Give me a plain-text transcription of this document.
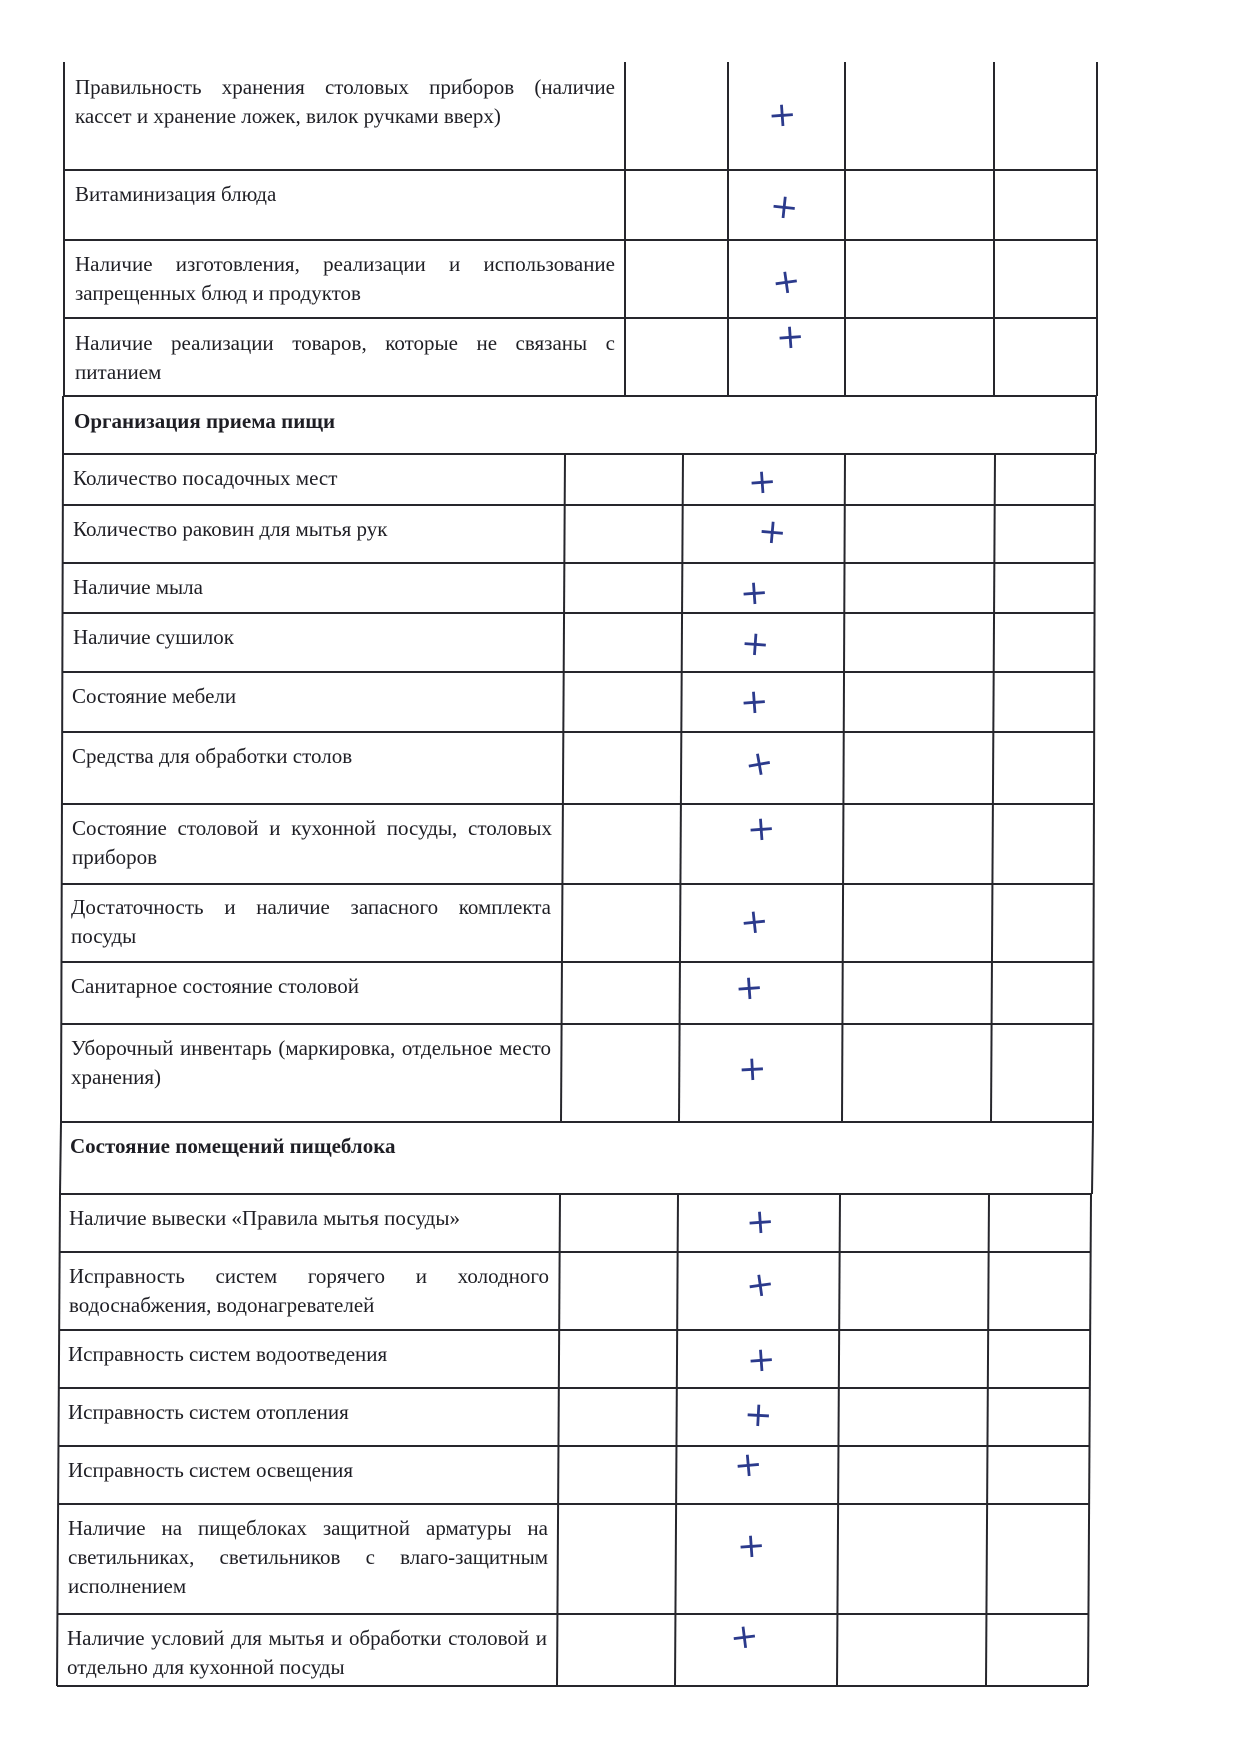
Правильность хранения столовых приборов (наличие кассет и хранение ложек, вилок ручками вверх)
Витаминизация блюда
Наличие изготовления, реализации и использование запрещенных блюд и продуктов
Наличие реализации товаров, которые не связаны с питанием
Организация приема пищи
Количество посадочных мест
Количество раковин для мытья рук
Наличие мыла
Наличие сушилок
Состояние мебели
Средства для обработки столов
Состояние столовой и кухонной посуды, столовых приборов
Достаточность и наличие запасного комплекта посуды
Санитарное состояние столовой
Уборочный инвентарь (маркировка, отдельное место хранения)
Состояние помещений пищеблока
Наличие вывески «Правила мытья посуды»
Исправность систем горячего и холодного водоснабжения, водонагревателей
Исправность систем водоотведения
Исправность систем отопления
Исправность систем освещения
Наличие на пищеблоках защитной арматуры на светильниках, светильников с влаго-защитным исполнением
Наличие условий для мытья и обработки столовой и отдельно для кухонной посуды
+
+
+
+
+
+
+
+
+
+
+
+
+
+
+
+
+
+
+
+
+
